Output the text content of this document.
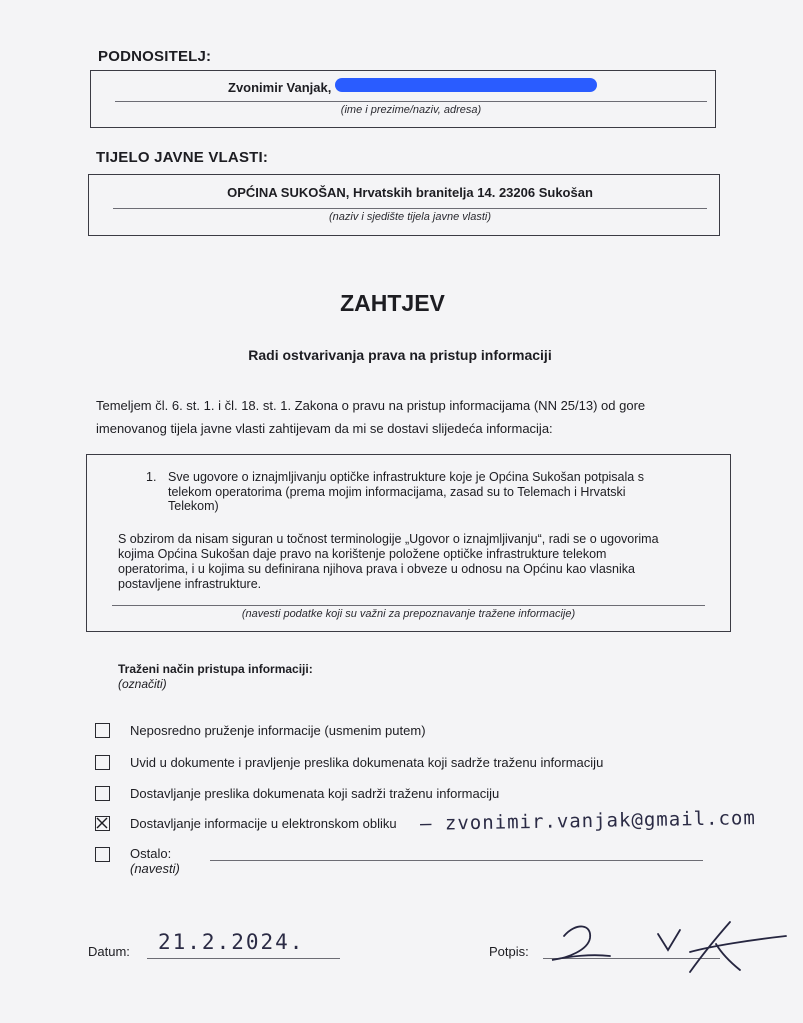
PODNOSITELJ:
Zvonimir Vanjak,
(ime i prezime/naziv, adresa)
TIJELO JAVNE VLASTI:
OPĆINA SUKOŠAN, Hrvatskih branitelja 14. 23206 Sukošan
(naziv i sjedište tijela javne vlasti)
ZAHTJEV
Radi ostvarivanja prava na pristup informaciji
Temeljem čl. 6. st. 1. i čl. 18. st. 1. Zakona o pravu na pristup informacijama (NN 25/13) od gore
imenovanog tijela javne vlasti zahtijevam da mi se dostavi slijedeća informacija:
1. Sve ugovore o iznajmljivanju optičke infrastrukture koje je Općina Sukošan potpisala s
telekom operatorima (prema mojim informacijama, zasad su to Telemach i Hrvatski
Telekom)
S obzirom da nisam siguran u točnost terminologije „Ugovor o iznajmljivanju“, radi se o ugovorima
kojima Općina Sukošan daje pravo na korištenje položene optičke infrastrukture telekom
operatorima, i u kojima su definirana njihova prava i obveze u odnosu na Općinu kao vlasnika
postavljene infrastrukture.
(navesti podatke koji su važni za prepoznavanje tražene informacije)
Traženi način pristupa informaciji:
(označiti)
Neposredno pruženje informacije (usmenim putem)
Uvid u dokumente i pravljenje preslika dokumenata koji sadrže traženu informaciju
Dostavljanje preslika dokumenata koji sadrži traženu informaciju
Dostavljanje informacije u elektronskom obliku – zvonimir.vanjak@gmail.com
Ostalo:
(navesti)
Datum: 21.2.2024.	Potpis:
